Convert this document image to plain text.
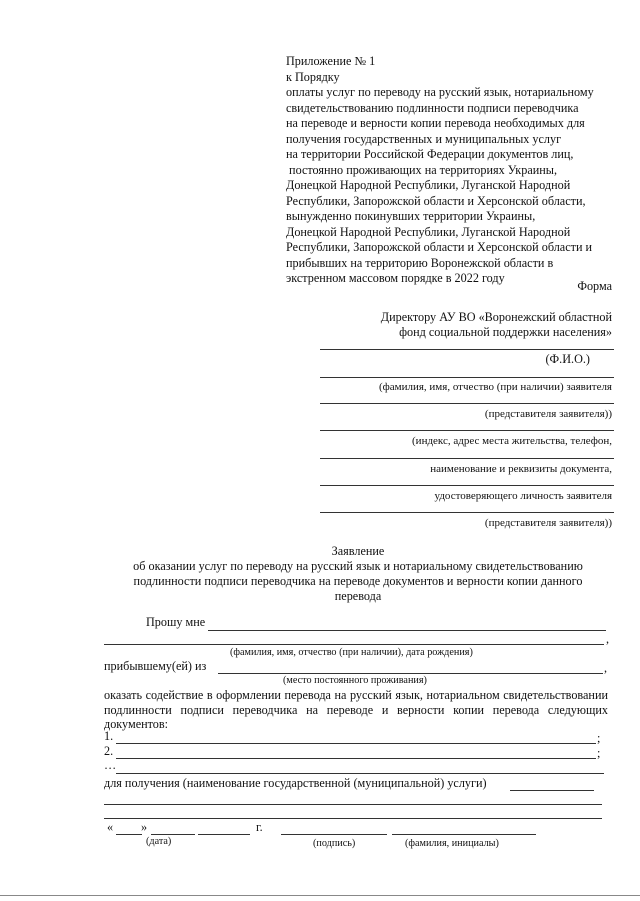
Приложение № 1
к Порядку
оплаты услуг по переводу на русский язык, нотариальному
свидетельствованию подлинности подписи переводчика
на переводе и верности копии перевода необходимых для
получения государственных и муниципальных услуг
на территории Российской Федерации документов лиц,
постоянно проживающих на территориях Украины,
Донецкой Народной Республики, Луганской Народной
Республики, Запорожской области и Херсонской области,
вынужденно покинувших территории Украины,
Донецкой Народной Республики, Луганской Народной
Республики, Запорожской области и Херсонской области и
прибывших на территорию Воронежской области в
экстренном массовом порядке в 2022 году
Форма
Директору АУ ВО «Воронежский областной
фонд социальной поддержки населения»
(Ф.И.О.)
(фамилия, имя, отчество (при наличии) заявителя
(представителя заявителя))
(индекс, адрес места жительства, телефон,
наименование и реквизиты документа,
удостоверяющего личность заявителя
(представителя заявителя))
Заявление
об оказании услуг по переводу на русский язык и нотариальному свидетельствованию
подлинности подписи переводчика на переводе документов и верности копии данного
перевода
Прошу мне
,
(фамилия, имя, отчество (при наличии), дата рождения)
прибывшему(ей) из	,
(место постоянного проживания)
оказать содействие в оформлении перевода на русский язык, нотариальном свидетельствовании подлинности подписи переводчика на переводе и верности копии перевода следующих документов:
1.	;
2.	;
…
для получения (наименование государственной (муниципальной) услуги)
« »	г.
(дата)	(подпись)	(фамилия, инициалы)
